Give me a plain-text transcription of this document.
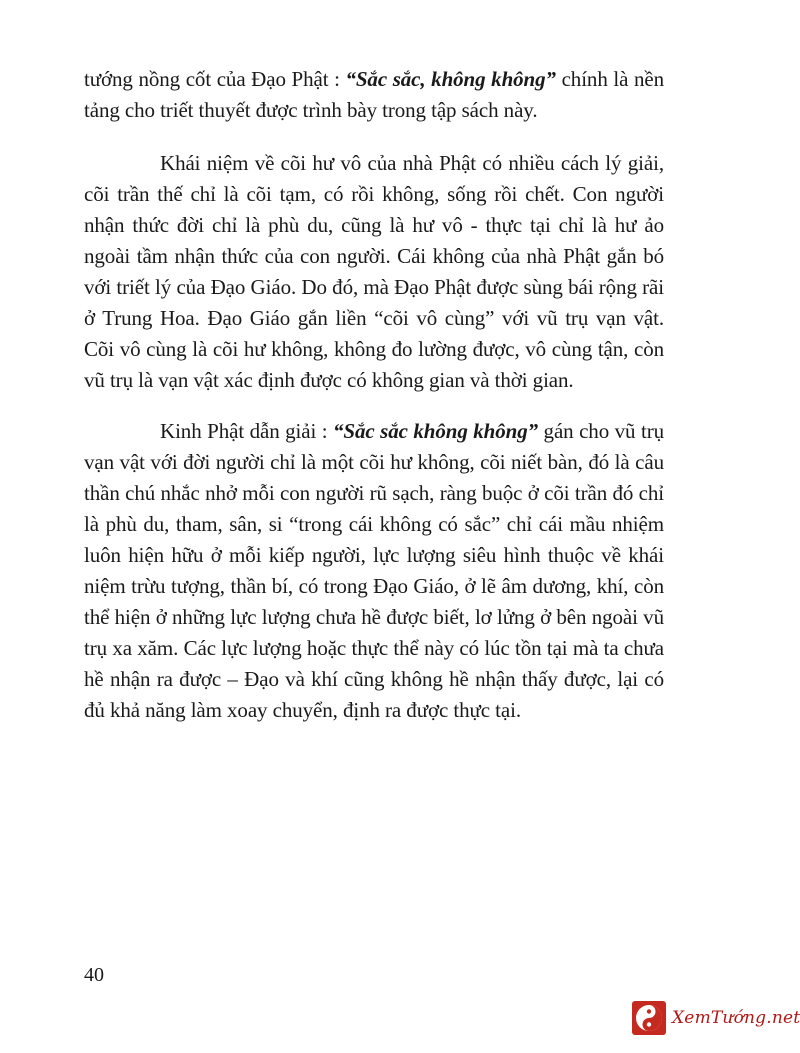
tướng nồng cốt của Đạo Phật : “Sắc sắc, không không” chính là nền tảng cho triết thuyết được trình bày trong tập sách này.

Khái niệm về cõi hư vô của nhà Phật có nhiều cách lý giải, cõi trần thế chỉ là cõi tạm, có rồi không, sống rồi chết. Con người nhận thức đời chỉ là phù du, cũng là hư vô - thực tại chỉ là hư ảo ngoài tầm nhận thức của con người. Cái không của nhà Phật gắn bó với triết lý của Đạo Giáo. Do đó, mà Đạo Phật được sùng bái rộng rãi ở Trung Hoa. Đạo Giáo gắn liền “cõi vô cùng” với vũ trụ vạn vật. Cõi vô cùng là cõi hư không, không đo lường được, vô cùng tận, còn vũ trụ là vạn vật xác định được có không gian và thời gian.

Kinh Phật dẫn giải : “Sắc sắc không không” gán cho vũ trụ vạn vật với đời người chỉ là một cõi hư không, cõi niết bàn, đó là câu thần chú nhắc nhở mỗi con người rũ sạch, ràng buộc ở cõi trần đó chỉ là phù du, tham, sân, si “trong cái không có sắc” chỉ cái mầu nhiệm luôn hiện hữu ở mỗi kiếp người, lực lượng siêu hình thuộc về khái niệm trừu tượng, thần bí, có trong Đạo Giáo, ở lẽ âm dương, khí, còn thể hiện ở những lực lượng chưa hề được biết, lơ lửng ở bên ngoài vũ trụ xa xăm. Các lực lượng hoặc thực thể này có lúc tồn tại mà ta chưa hề nhận ra được – Đạo và khí cũng không hề nhận thấy được, lại có đủ khả năng làm xoay chuyển, định ra được thực tại.

40
XemTướng.net
